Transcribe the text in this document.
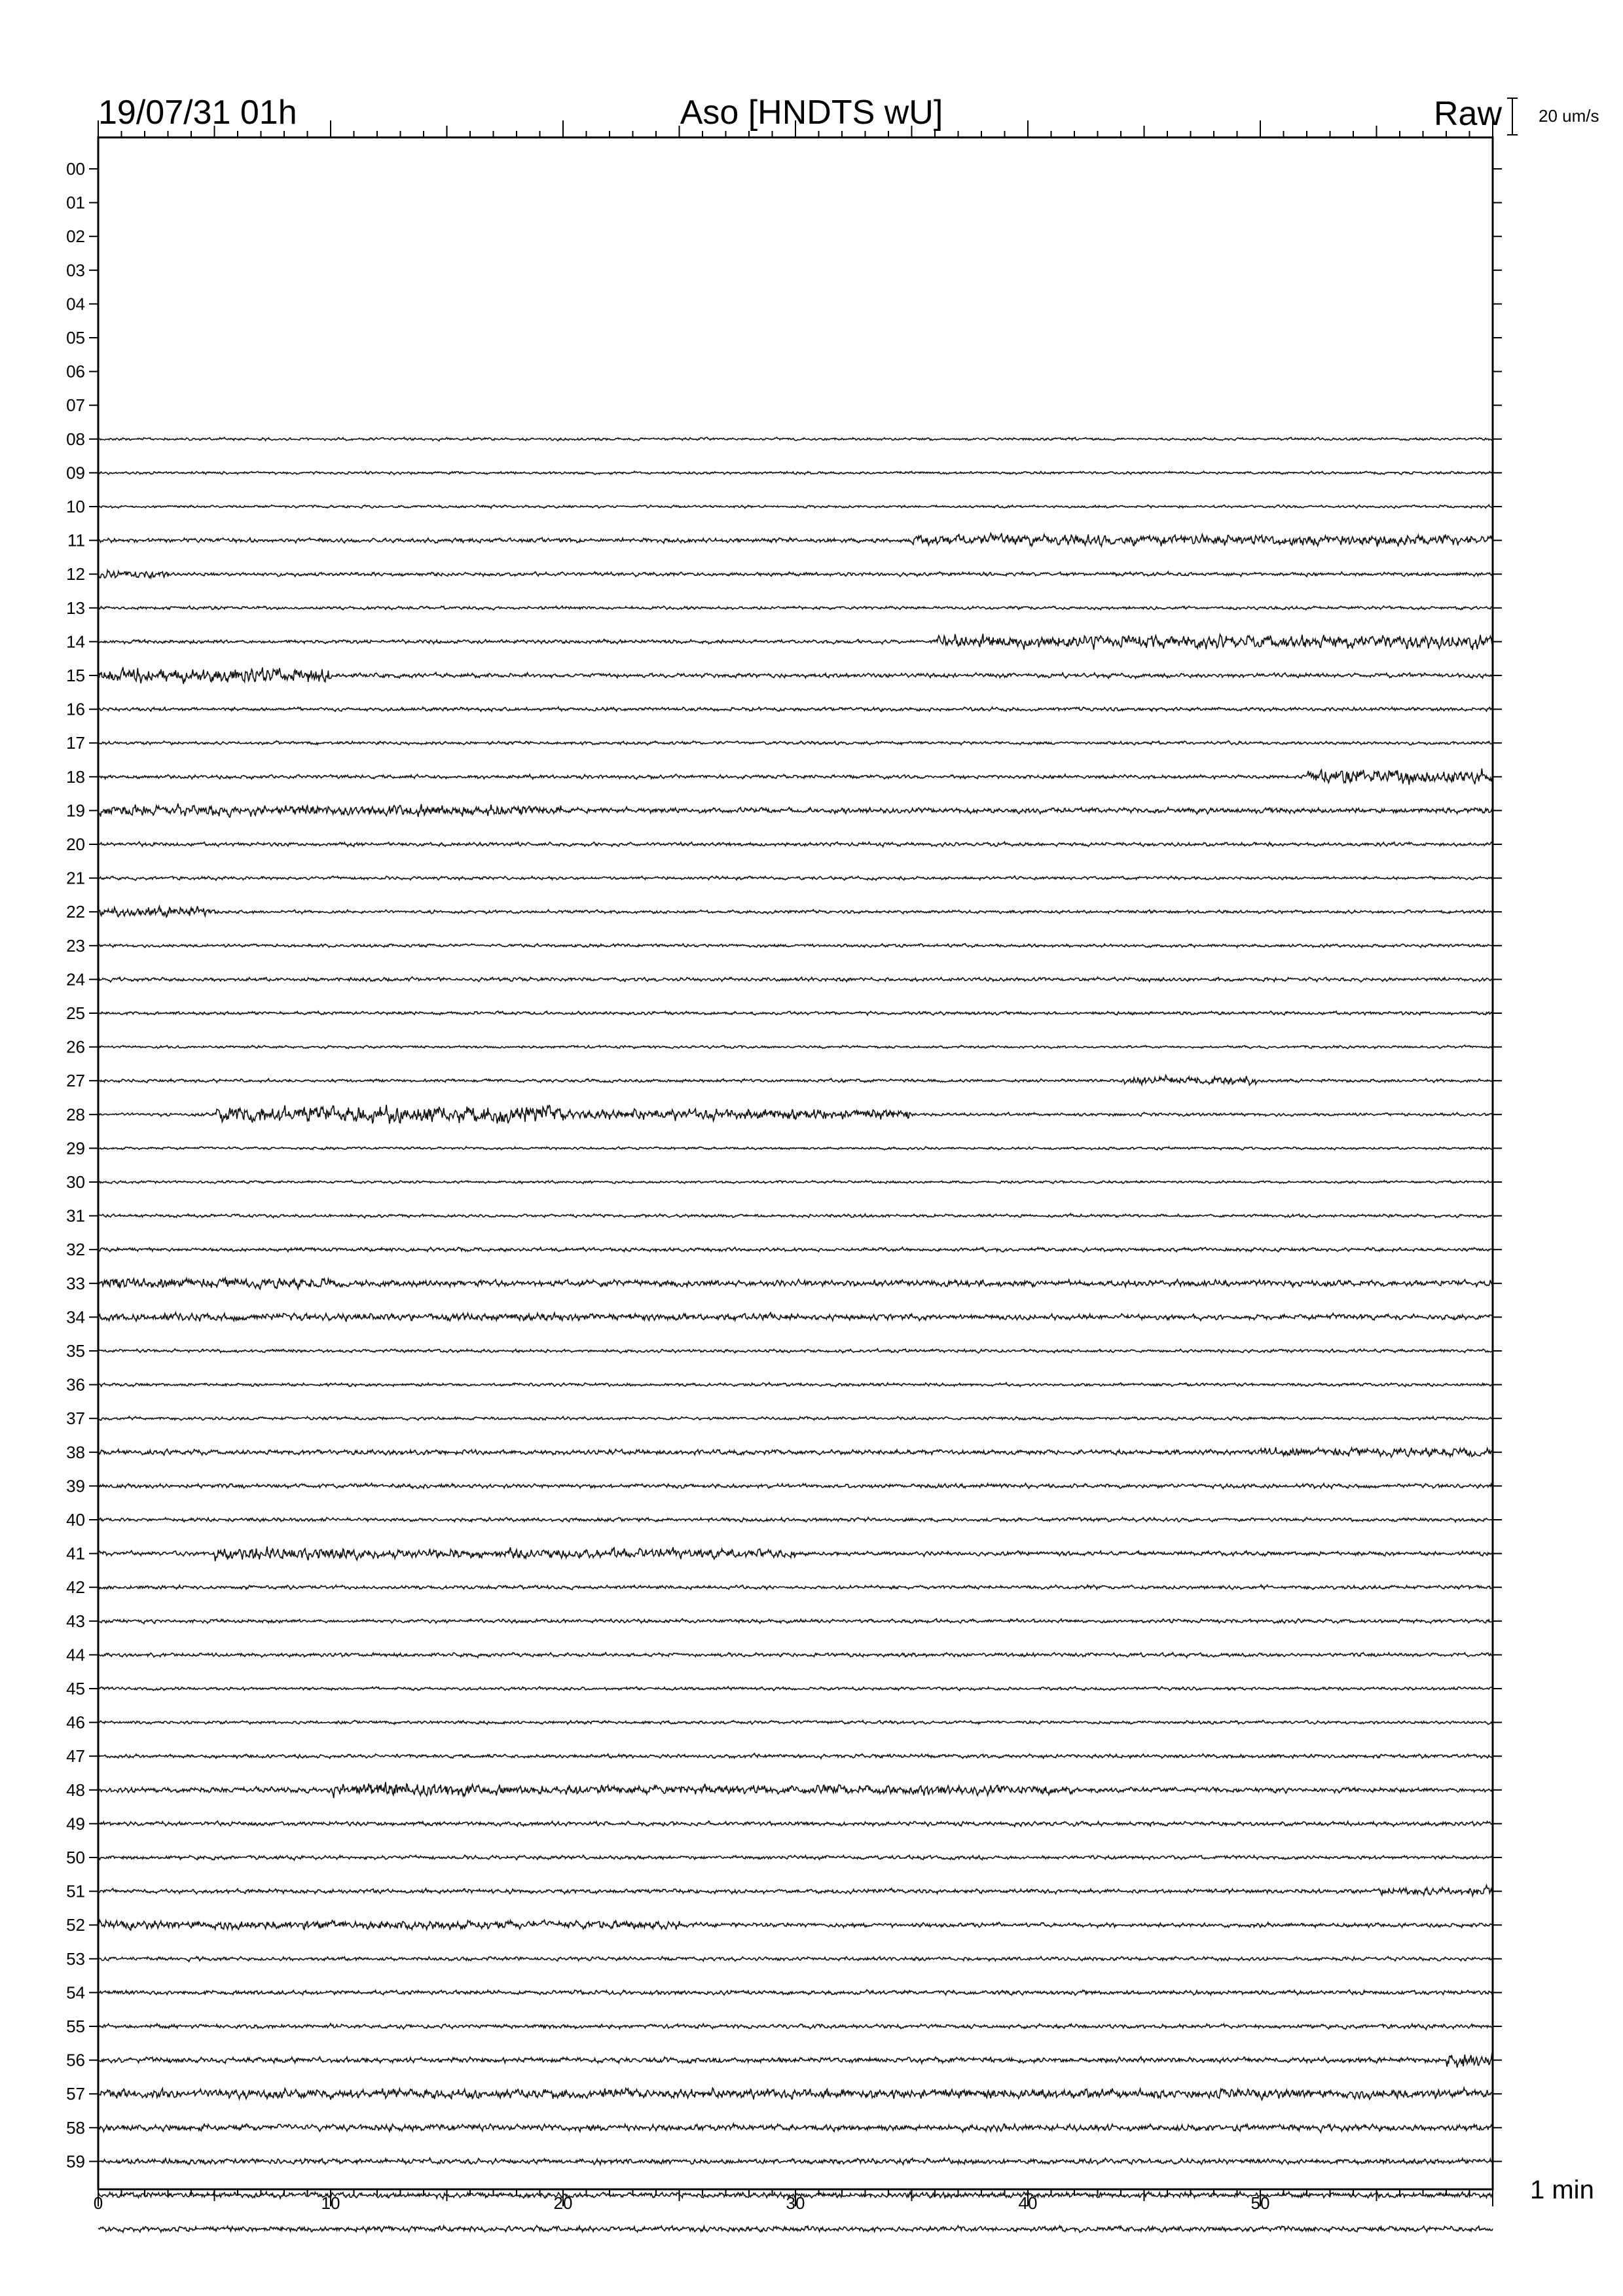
19/07/31 01h	Aso [HNDTS wU]	Raw 20 um/s
1 min
00
01
02
03
04
05
06
07
08
09
10
11
12
13
14
15
16
17
18
19
20
21
22
23
24
25
26
27
28
29
30
31
32
33
34
35
36
37
38
39
40
41
42
43
44
45
46
47
48
49
50
51
52
53
54
55
56
57
58
59
0	10	20	30	40	50
